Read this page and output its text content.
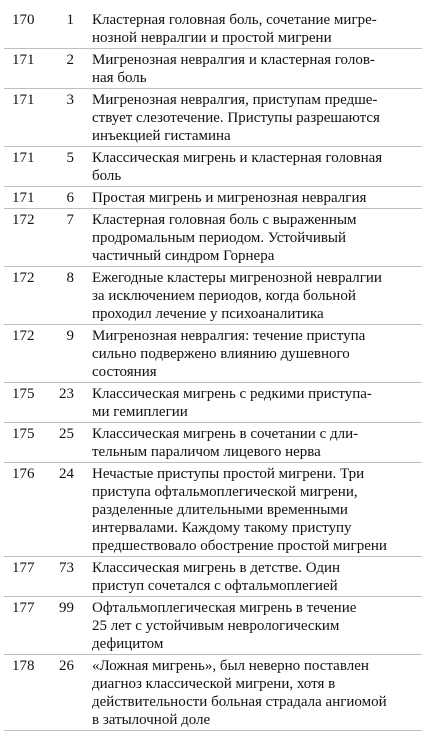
170	1	Кластерная головная боль, сочетание мигре-
нозной невралгии и простой мигрени
171	2	Мигренозная невралгия и кластерная голов-
ная боль
171	3	Мигренозная невралгия, приступам предше-
ствует слезотечение. Приступы разрешаются
инъекцией гистамина
171	5	Классическая мигрень и кластерная головная
боль
171	6	Простая мигрень и мигренозная невралгия
172	7	Кластерная головная боль с выраженным
продромальным периодом. Устойчивый
частичный синдром Горнера
172	8	Ежегодные кластеры мигренозной невралгии
за исключением периодов, когда больной
проходил лечение у психоаналитика
172	9	Мигренозная невралгия: течение приступа
сильно подвержено влиянию душевного
состояния
175	23	Классическая мигрень с редкими приступа-
ми гемиплегии
175	25	Классическая мигрень в сочетании с дли-
тельным параличом лицевого нерва
176	24	Нечастые приступы простой мигрени. Три
приступа офтальмоплегической мигрени,
разделенные длительными временными
интервалами. Каждому такому приступу
предшествовало обострение простой мигрени
177	73	Классическая мигрень в детстве. Один
приступ сочетался с офтальмоплегией
177	99	Офтальмоплегическая мигрень в течение
25 лет с устойчивым неврологическим
дефицитом
178	26	«Ложная мигрень», был неверно поставлен
диагноз классической мигрени, хотя в
действительности больная страдала ангиомой
в затылочной доле
